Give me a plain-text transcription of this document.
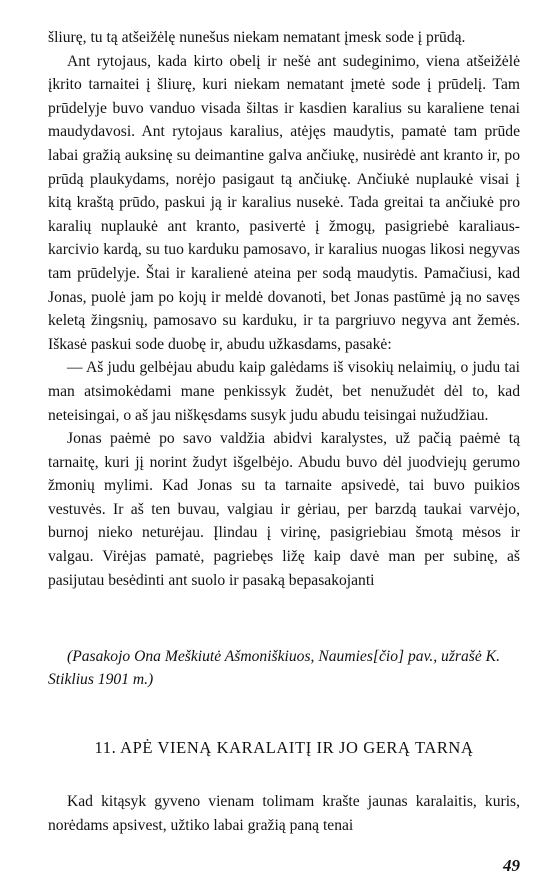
šliurę, tu tą atšeižėlę nunešus niekam nematant įmesk sode į prūdą.

Ant rytojaus, kada kirto obelį ir nešė ant sudeginimo, viena atšeižėlė įkrito tarnaitei į šliurę, kuri niekam nematant įmetė sode į prūdelį. Tam prūdelyje buvo vanduo visada šiltas ir kasdien karalius su karaliene tenai maudydavosi. Ant rytojaus karalius, atėjęs maudytis, pamatė tam prūde labai gražią auksinę su deimantine galva ančiukę, nusirėdė ant kranto ir, po prūdą plaukydams, norėjo pasigaut tą ančiukę. Ančiukė nuplaukė visai į kitą kraštą prūdo, paskui ją ir karalius nusekė. Tada greitai ta ančiukė pro karalių nuplaukė ant kranto, pasivertė į žmogų, pasigriebė karaliaus-karcivio kardą, su tuo karduku pamosavo, ir karalius nuogas likosi negyvas tam prūdelyje. Štai ir karalienė ateina per sodą maudytis. Pamačiusi, kad Jonas, puolė jam po kojų ir meldė dovanoti, bet Jonas pastūmė ją no savęs keletą žingsnių, pamosavo su karduku, ir ta pargriuvo negyva ant žemės. Iškasė paskui sode duobę ir, abudu užkasdams, pasakė:

— Aš judu gelbėjau abudu kaip galėdams iš visokių nelaimių, o judu tai man atsimokėdami mane penkissyk žudėt, bet nenužudėt dėl to, kad neteisingai, o aš jau niškęsdams susyk judu abudu teisingai nužudžiau.

Jonas paėmė po savo valdžia abidvi karalystes, už pačią paėmė tą tarnaitę, kuri jį norint žudyt išgelbėjo. Abudu buvo dėl juodviejų gerumo žmonių mylimi. Kad Jonas su ta tarnaite apsivedė, tai buvo puikios vestuvės. Ir aš ten buvau, valgiau ir gėriau, per barzdą taukai varvėjo, burnoj nieko neturėjau. Įlindau į virinę, pasigriebiau šmotą mėsos ir valgau. Virėjas pamatė, pagriebęs ližę kaip davė man per subinę, aš pasijutau besėdinti ant suolo ir pasaką bepasakojanti

(Pasakojo Ona Meškiutė Ašmoniškiuos, Naumies[čio] pav., užrašė K. Stiklius 1901 m.)

11. APĖ VIENĄ KARALAITĮ IR JO GERĄ TARNĄ

Kad kitąsyk gyveno vienam tolimam krašte jaunas karalaitis, kuris, norėdams apsivest, užtiko labai gražią paną tenai

49
